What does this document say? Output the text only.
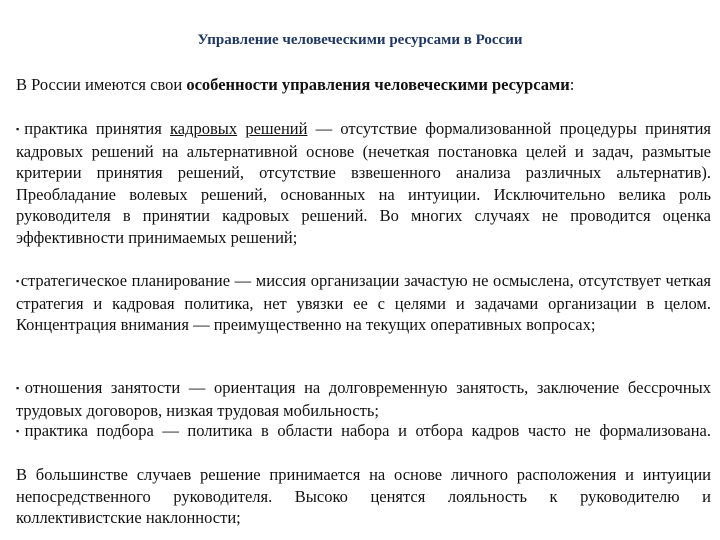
Управление человеческими ресурсами в России
В России имеются свои особенности управления человеческими ресурсами:
▪практика принятия кадровых решений — отсутствие формализованной процедуры принятия кадровых решений на альтернативной основе (нечеткая постановка целей и задач, размытые критерии принятия решений, отсутствие взвешенного анализа различных альтернатив). Преобладание волевых решений, основанных на интуиции. Исключительно велика роль руководителя в принятии кадровых решений. Во многих случаях не проводится оценка эффективности принимаемых решений;
▪стратегическое планирование — миссия организации зачастую не осмыслена, отсутствует четкая стратегия и кадровая политика, нет увязки ее с целями и задачами организации в целом. Концентрация внимания — преимущественно на текущих оперативных вопросах;
▪отношения занятости — ориентация на долговременную занятость, заключение бессрочных трудовых договоров, низкая трудовая мобильность;
▪практика подбора — политика в области набора и отбора кадров часто не формализована.
В большинстве случаев решение принимается на основе личного расположения и интуиции непосредственного руководителя. Высоко ценятся лояльность к руководителю и коллективистские наклонности;
